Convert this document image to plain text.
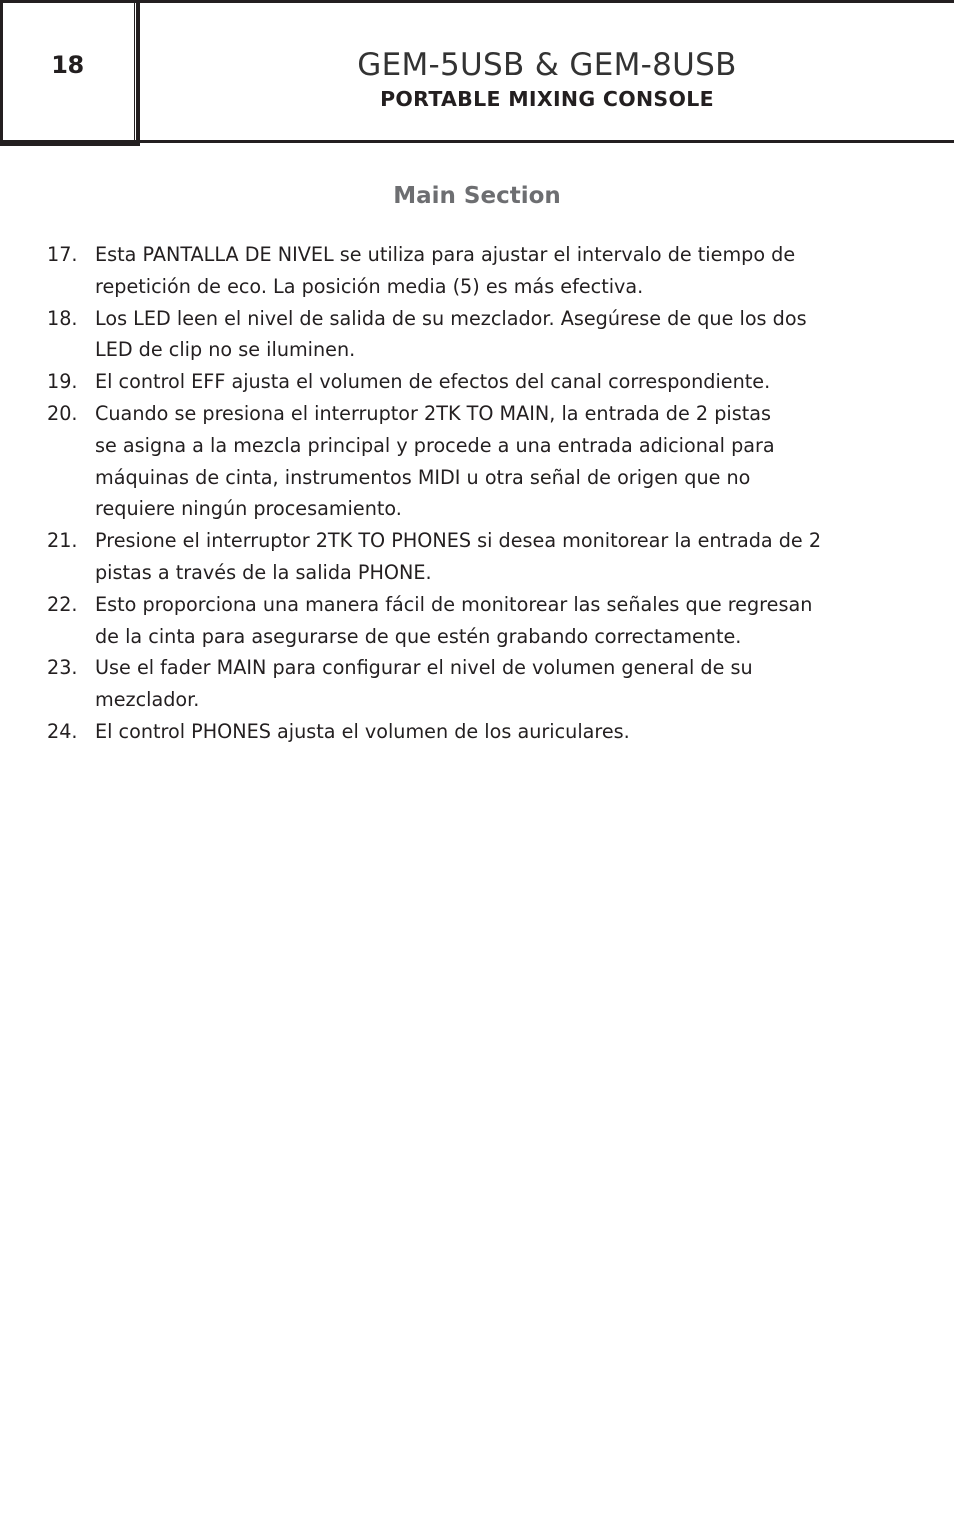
18	GEM-5USB & GEM-8USB
PORTABLE MIXING CONSOLE
Main Section
17. Esta PANTALLA DE NIVEL se utiliza para ajustar el intervalo de tiempo de
repetición de eco. La posición media (5) es más efectiva.
18. Los LED leen el nivel de salida de su mezclador. Asegúrese de que los dos
LED de clip no se iluminen.
19. El control EFF ajusta el volumen de efectos del canal correspondiente.
20. Cuando se presiona el interruptor 2TK TO MAIN, la entrada de 2 pistas
se asigna a la mezcla principal y procede a una entrada adicional para
máquinas de cinta, instrumentos MIDI u otra señal de origen que no
requiere ningún procesamiento.
21. Presione el interruptor 2TK TO PHONES si desea monitorear la entrada de 2
pistas a través de la salida PHONE.
22. Esto proporciona una manera fácil de monitorear las señales que regresan
de la cinta para asegurarse de que estén grabando correctamente.
23. Use el fader MAIN para configurar el nivel de volumen general de su
mezclador.
24. El control PHONES ajusta el volumen de los auriculares.
